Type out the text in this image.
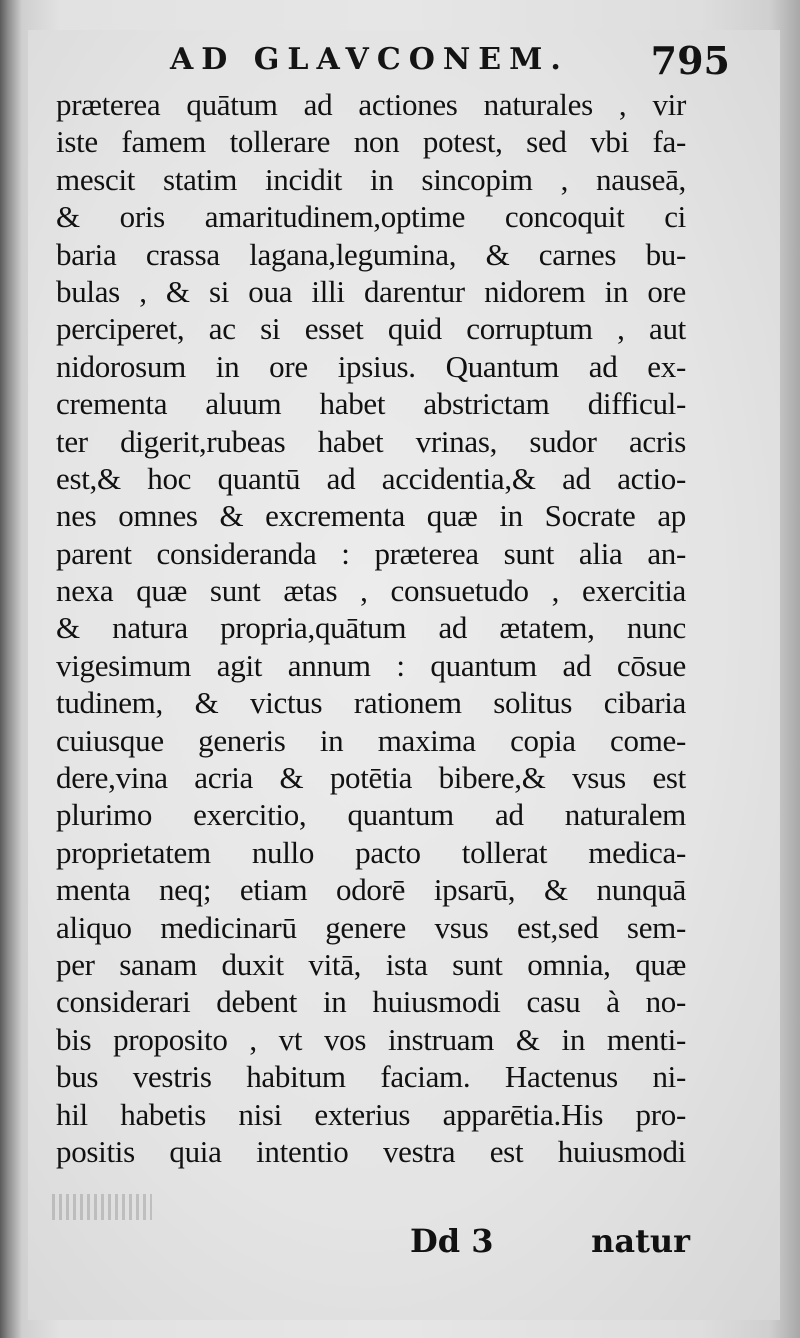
AD GLAVCONEM. 795
præterea quātum ad actiones naturales , vir
iste famem tollerare non potest, sed vbi fa-
mescit statim incidit in sincopim , nauseā,
& oris amaritudinem,optime concoquit ci
baria crassa lagana,legumina, & carnes bu-
bulas , & si oua illi darentur nidorem in ore
perciperet, ac si esset quid corruptum , aut
nidorosum in ore ipsius. Quantum ad ex-
crementa aluum habet abstrictam difficul-
ter digerit,rubeas habet vrinas, sudor acris
est,& hoc quantū ad accidentia,& ad actio-
nes omnes & excrementa quæ in Socrate ap
parent consideranda : præterea sunt alia an-
nexa quæ sunt ætas , consuetudo , exercitia
& natura propria,quātum ad ætatem, nunc
vigesimum agit annum : quantum ad cōsue
tudinem, & victus rationem solitus cibaria
cuiusque generis in maxima copia come-
dere,vina acria & potētia bibere,& vsus est
plurimo exercitio, quantum ad naturalem
proprietatem nullo pacto tollerat medica-
menta neq; etiam odorē ipsarū, & nunquā
aliquo medicinarū genere vsus est,sed sem-
per sanam duxit vitā, ista sunt omnia, quæ
considerari debent in huiusmodi casu à no-
bis proposito , vt vos instruam & in menti-
bus vestris habitum faciam. Hactenus ni-
hil habetis nisi exterius apparētia.His pro-
positis quia intentio vestra est huiusmodi
Dd 3	natur
